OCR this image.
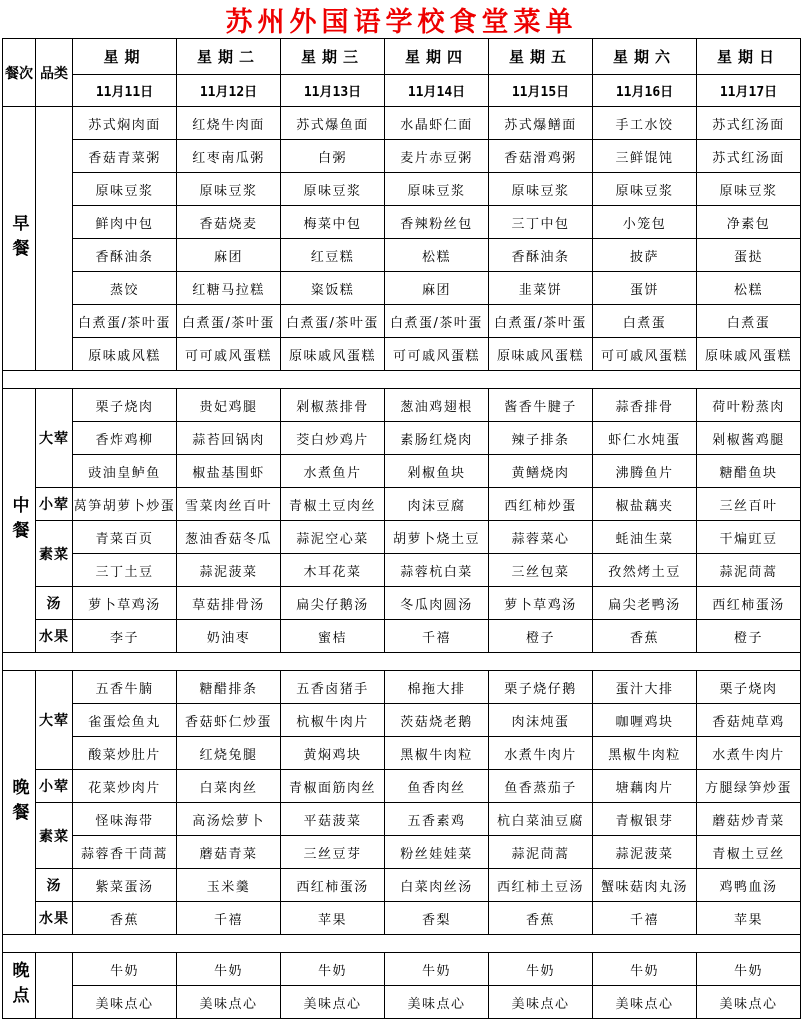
苏州外国语学校食堂菜单
餐次	品类	星期	星期二	星期三	星期四	星期五	星期六	星期日
		11月11日	11月12日	11月13日	11月14日	11月15日	11月16日	11月17日
早餐		苏式焖肉面	红烧牛肉面	苏式爆鱼面	水晶虾仁面	苏式爆鳝面	手工水饺	苏式红汤面
		香菇青菜粥	红枣南瓜粥	白粥	麦片赤豆粥	香菇滑鸡粥	三鲜馄饨	苏式红汤面
		原味豆浆	原味豆浆	原味豆浆	原味豆浆	原味豆浆	原味豆浆	原味豆浆
		鲜肉中包	香菇烧麦	梅菜中包	香辣粉丝包	三丁中包	小笼包	净素包
		香酥油条	麻团	红豆糕	松糕	香酥油条	披萨	蛋挞
		蒸饺	红糖马拉糕	粢饭糕	麻团	韭菜饼	蛋饼	松糕
		白煮蛋/茶叶蛋	白煮蛋/茶叶蛋	白煮蛋/茶叶蛋	白煮蛋/茶叶蛋	白煮蛋/茶叶蛋	白煮蛋	白煮蛋
		原味戚风糕	可可戚风蛋糕	原味戚风蛋糕	可可戚风蛋糕	原味戚风蛋糕	可可戚风蛋糕	原味戚风蛋糕

中餐	大荤	栗子烧肉	贵妃鸡腿	剁椒蒸排骨	葱油鸡翅根	酱香牛腱子	蒜香排骨	荷叶粉蒸肉
		香炸鸡柳	蒜苔回锅肉	茭白炒鸡片	素肠红烧肉	辣子排条	虾仁水炖蛋	剁椒酱鸡腿
		豉油皇鲈鱼	椒盐基围虾	水煮鱼片	剁椒鱼块	黄鳝烧肉	沸腾鱼片	糖醋鱼块
	小荤	莴笋胡萝卜炒蛋	雪菜肉丝百叶	青椒土豆肉丝	肉沫豆腐	西红柿炒蛋	椒盐藕夹	三丝百叶
	素菜	青菜百页	葱油香菇冬瓜	蒜泥空心菜	胡萝卜烧土豆	蒜蓉菜心	蚝油生菜	干煸豇豆
		三丁土豆	蒜泥菠菜	木耳花菜	蒜蓉杭白菜	三丝包菜	孜然烤土豆	蒜泥茼蒿
	汤	萝卜草鸡汤	草菇排骨汤	扁尖仔鹅汤	冬瓜肉圆汤	萝卜草鸡汤	扁尖老鸭汤	西红柿蛋汤
	水果	李子	奶油枣	蜜桔	千禧	橙子	香蕉	橙子

晚餐	大荤	五香牛腩	糖醋排条	五香卤猪手	棉拖大排	栗子烧仔鹅	蛋汁大排	栗子烧肉
		雀蛋烩鱼丸	香菇虾仁炒蛋	杭椒牛肉片	茨菇烧老鹅	肉沫炖蛋	咖喱鸡块	香菇炖草鸡
		酸菜炒肚片	红烧兔腿	黄焖鸡块	黑椒牛肉粒	水煮牛肉片	黑椒牛肉粒	水煮牛肉片
	小荤	花菜炒肉片	白菜肉丝	青椒面筋肉丝	鱼香肉丝	鱼香蒸茄子	塘藕肉片	方腿绿笋炒蛋
	素菜	怪味海带	高汤烩萝卜	平菇菠菜	五香素鸡	杭白菜油豆腐	青椒银芽	蘑菇炒青菜
		蒜蓉香干茼蒿	蘑菇青菜	三丝豆芽	粉丝娃娃菜	蒜泥茼蒿	蒜泥菠菜	青椒土豆丝
	汤	紫菜蛋汤	玉米羹	西红柿蛋汤	白菜肉丝汤	西红柿土豆汤	蟹味菇肉丸汤	鸡鸭血汤
	水果	香蕉	千禧	苹果	香梨	香蕉	千禧	苹果

晚点		牛奶	牛奶	牛奶	牛奶	牛奶	牛奶	牛奶
		美味点心	美味点心	美味点心	美味点心	美味点心	美味点心	美味点心
